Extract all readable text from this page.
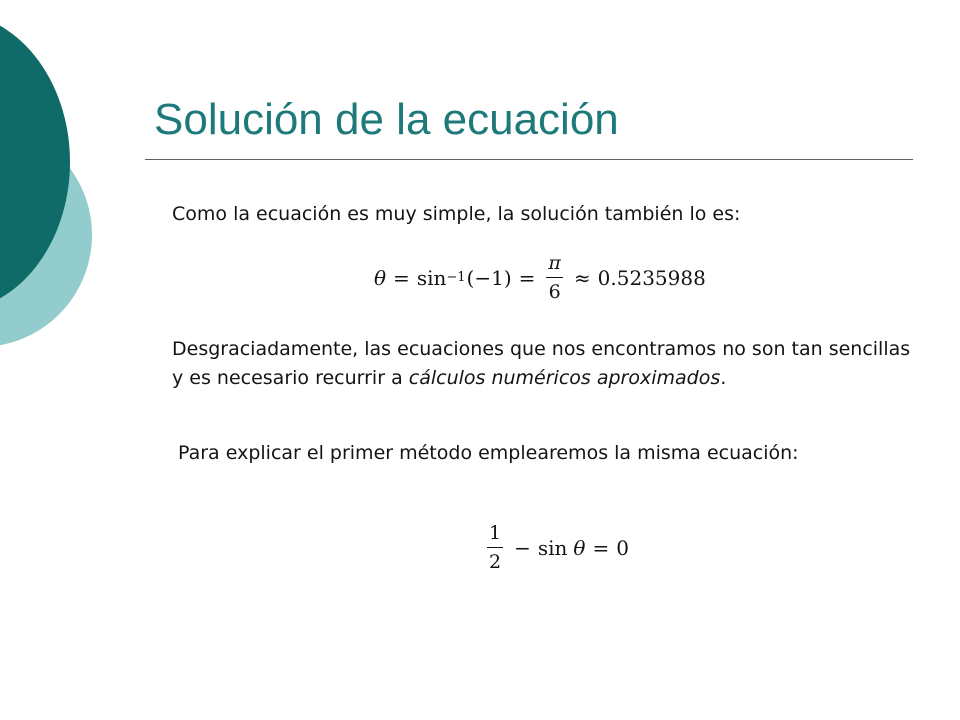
Solución de la ecuación

Como la ecuación es muy simple, la solución también lo es:

θ = sin −1 $(-1) = \frac{\pi}{6} \approx 0.5235988$

Desgraciadamente, las ecuaciones que nos encontramos no son tan sencillas y es necesario recurrir a cálculos numéricos aproximados.

Para explicar el primer método emplearemos la misma ecuación:

$\frac{1}{2} - \sin \theta = 0$
